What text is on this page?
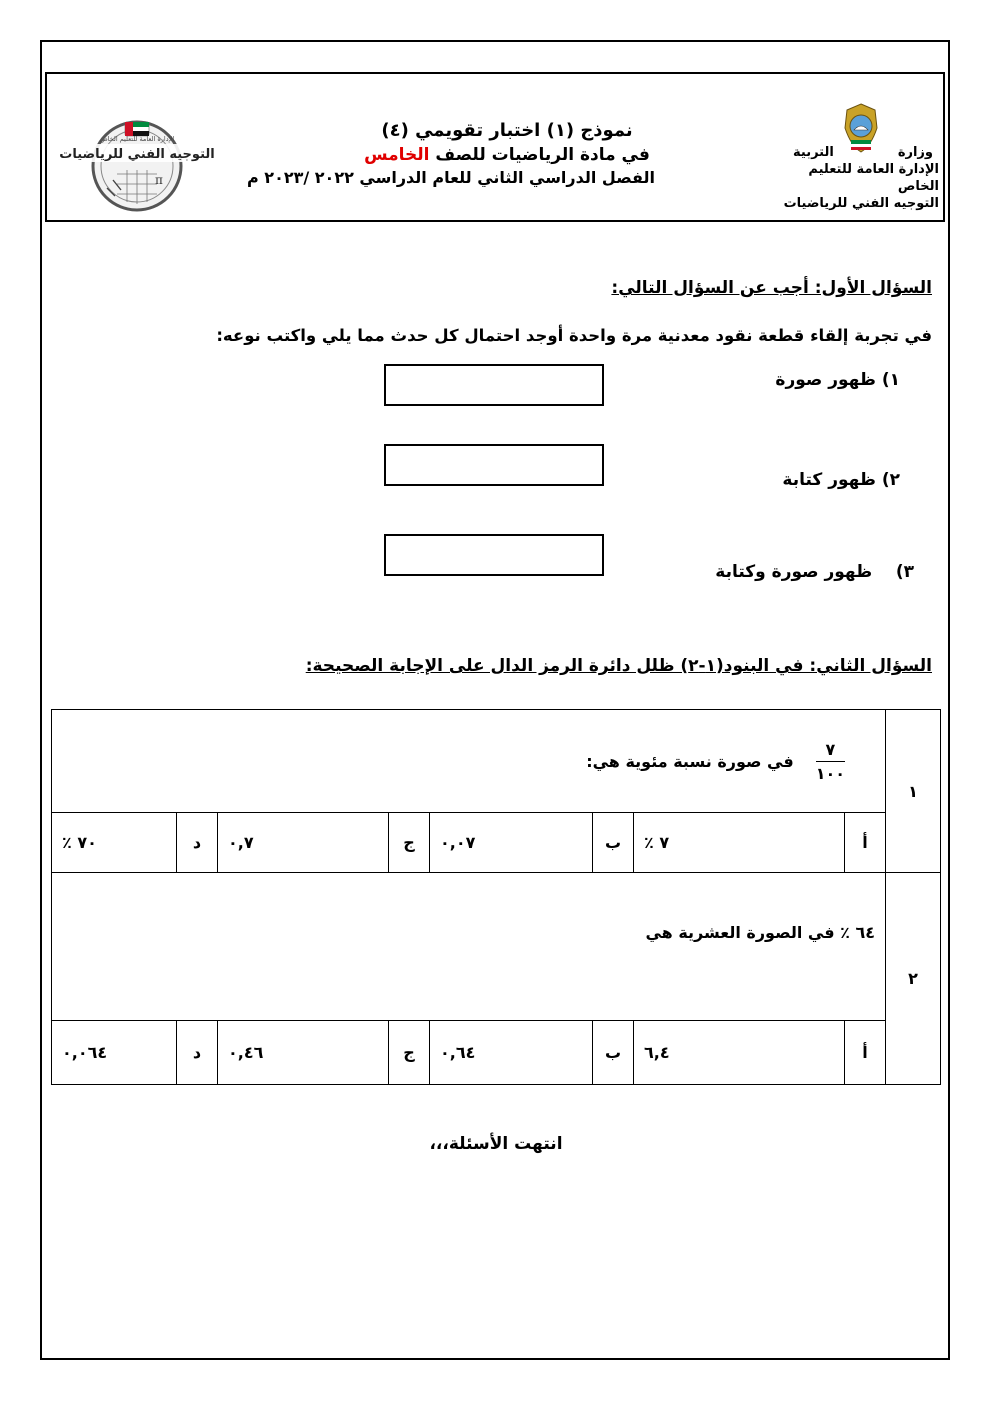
وزارة
التربية
الإدارة العامة للتعليم الخاص
التوجيه الفني للرياضيات
نموذج (١) اختبار تقويمي (٤)
في مادة الرياضيات للصف الخامس
الفصل الدراسي الثاني للعام الدراسي ٢٠٢٢ /٢٠٢٣ م
الإدارة العامة للتعليم الخاص
التوجيه الفني للرياضيات
π
السؤال الأول: أجب عن السؤال التالي:
في تجربة إلقاء قطعة نقود معدنية مرة واحدة أوجد احتمال كل حدث مما يلي واكتب نوعه:
١) ظهور صورة
٢) ظهور كتابة
٣)    ظهور صورة وكتابة
السؤال الثاني: في البنود(١-٢) ظلل دائرة الرمز الدال على الإجابة الصحيحة:
١	$\frac{٧}{١٠٠}$
في صورة نسبة مئوية هي:							

	أ	٧ ٪	ب	٠,٠٧	ج	٠,٧	د	٧٠ ٪
٢	٦٤ ٪ في الصورة العشرية هي							
	أ	٦,٤	ب	٠,٦٤	ج	٠,٤٦	د	٠,٠٦٤
انتهت الأسئلة،،،
